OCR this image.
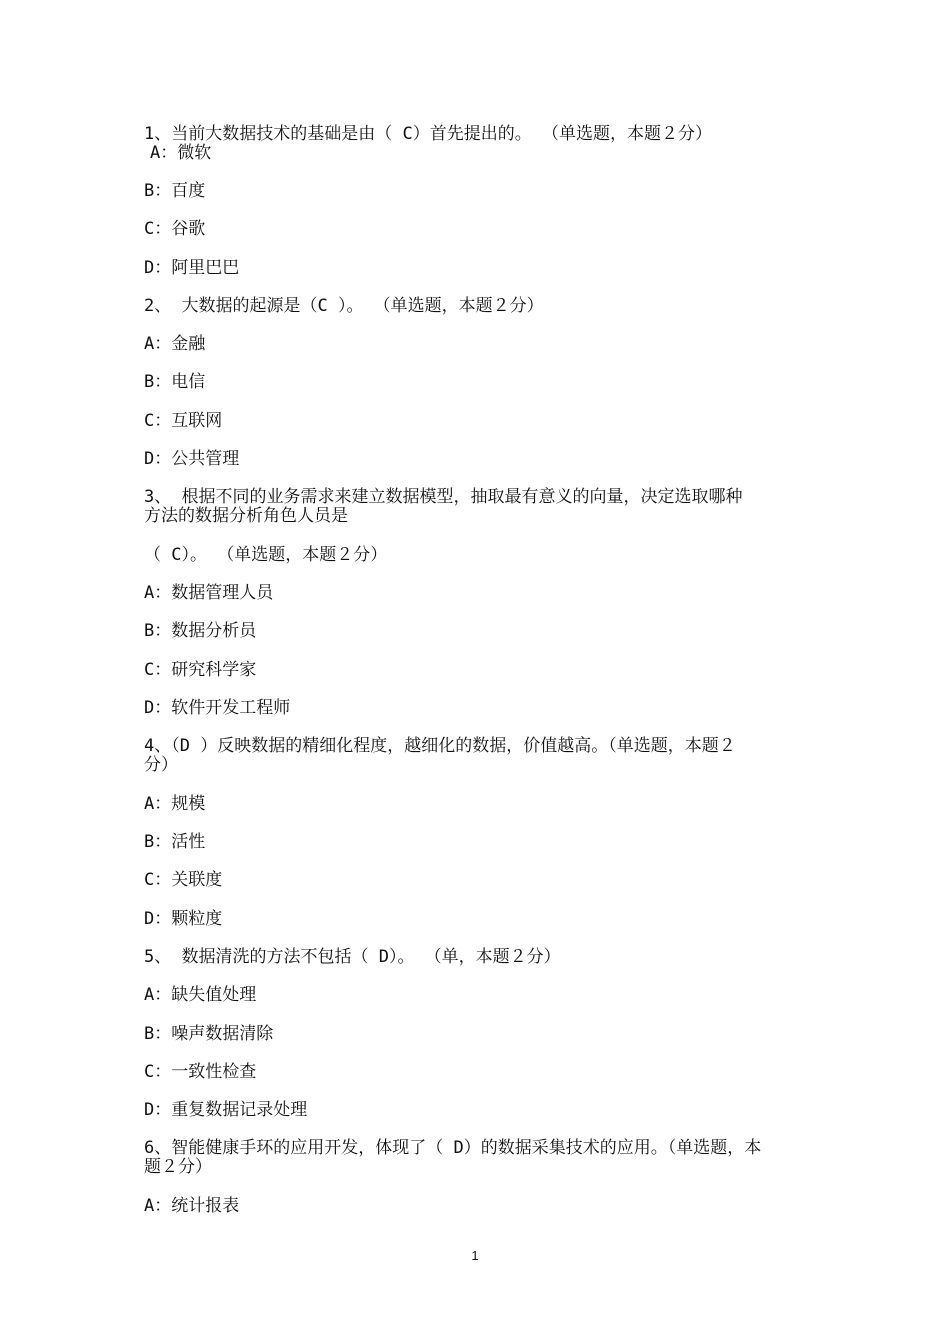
1、当前大数据技术的基础是由（ C）首先提出的。 （单选题，本题２分）
A：微软
B：百度
C：谷歌
D：阿里巴巴
2、 大数据的起源是（C ）。 （单选题，本题２分）
A：金融
B：电信
C：互联网
D：公共管理
3、 根据不同的业务需求来建立数据模型，抽取最有意义的向量，决定选取哪种
方法的数据分析角色人员是
（ C）。 （单选题，本题２分）
A：数据管理人员
B：数据分析员
C：研究科学家
D：软件开发工程师
4、（D ）反映数据的精细化程度，越细化的数据，价值越高。（单选题，本题２
分）
A：规模
B：活性
C：关联度
D：颗粒度
5、 数据清洗的方法不包括（ D）。 （单，本题２分）
A：缺失值处理
B：噪声数据清除
C：一致性检查
D：重复数据记录处理
6、智能健康手环的应用开发，体现了（ D）的数据采集技术的应用。（单选题，本
题２分）
A：统计报表
1
